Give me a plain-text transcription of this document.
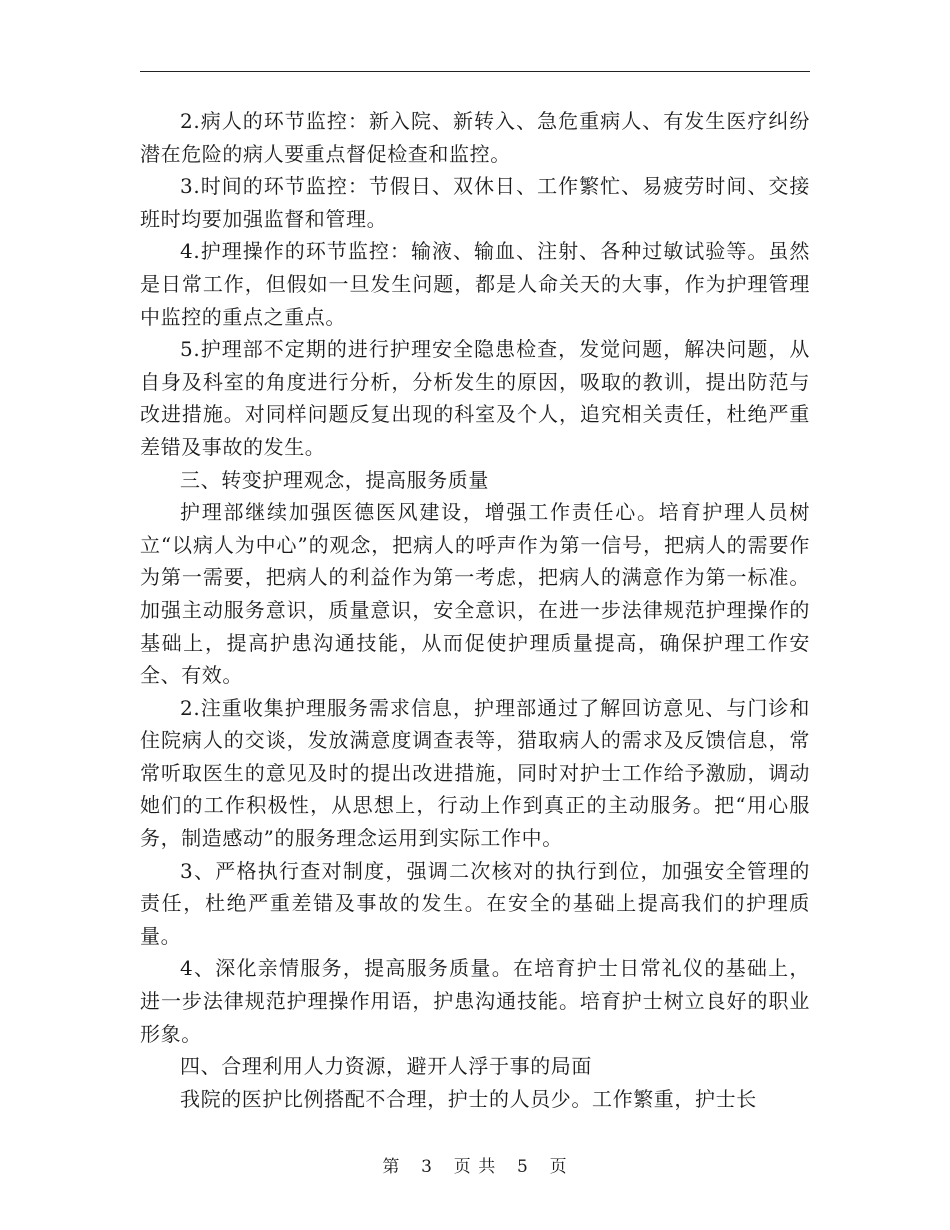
2.病人的环节监控：新入院、新转入、急危重病人、有发生医疗纠纷潜在危险的病人要重点督促检查和监控。

3.时间的环节监控：节假日、双休日、工作繁忙、易疲劳时间、交接班时均要加强监督和管理。

4.护理操作的环节监控：输液、输血、注射、各种过敏试验等。虽然是日常工作，但假如一旦发生问题，都是人命关天的大事，作为护理管理中监控的重点之重点。

5.护理部不定期的进行护理安全隐患检查，发觉问题，解决问题，从自身及科室的角度进行分析，分析发生的原因，吸取的教训，提出防范与改进措施。对同样问题反复出现的科室及个人，追究相关责任，杜绝严重差错及事故的发生。

三、转变护理观念，提高服务质量

护理部继续加强医德医风建设，增强工作责任心。培育护理人员树立“以病人为中心”的观念，把病人的呼声作为第一信号，把病人的需要作为第一需要，把病人的利益作为第一考虑，把病人的满意作为第一标准。加强主动服务意识，质量意识，安全意识，在进一步法律规范护理操作的基础上，提高护患沟通技能，从而促使护理质量提高，确保护理工作安全、有效。

2.注重收集护理服务需求信息，护理部通过了解回访意见、与门诊和住院病人的交谈，发放满意度调查表等，猎取病人的需求及反馈信息，常常听取医生的意见及时的提出改进措施，同时对护士工作给予激励，调动她们的工作积极性，从思想上，行动上作到真正的主动服务。把“用心服务，制造感动”的服务理念运用到实际工作中。

3、严格执行查对制度，强调二次核对的执行到位，加强安全管理的责任，杜绝严重差错及事故的发生。在安全的基础上提高我们的护理质量。

4、深化亲情服务，提高服务质量。在培育护士日常礼仪的基础上，进一步法律规范护理操作用语，护患沟通技能。培育护士树立良好的职业形象。

四、合理利用人力资源，避开人浮于事的局面

我院的医护比例搭配不合理，护士的人员少。工作繁重，护士长

第 3 页 共 5 页
